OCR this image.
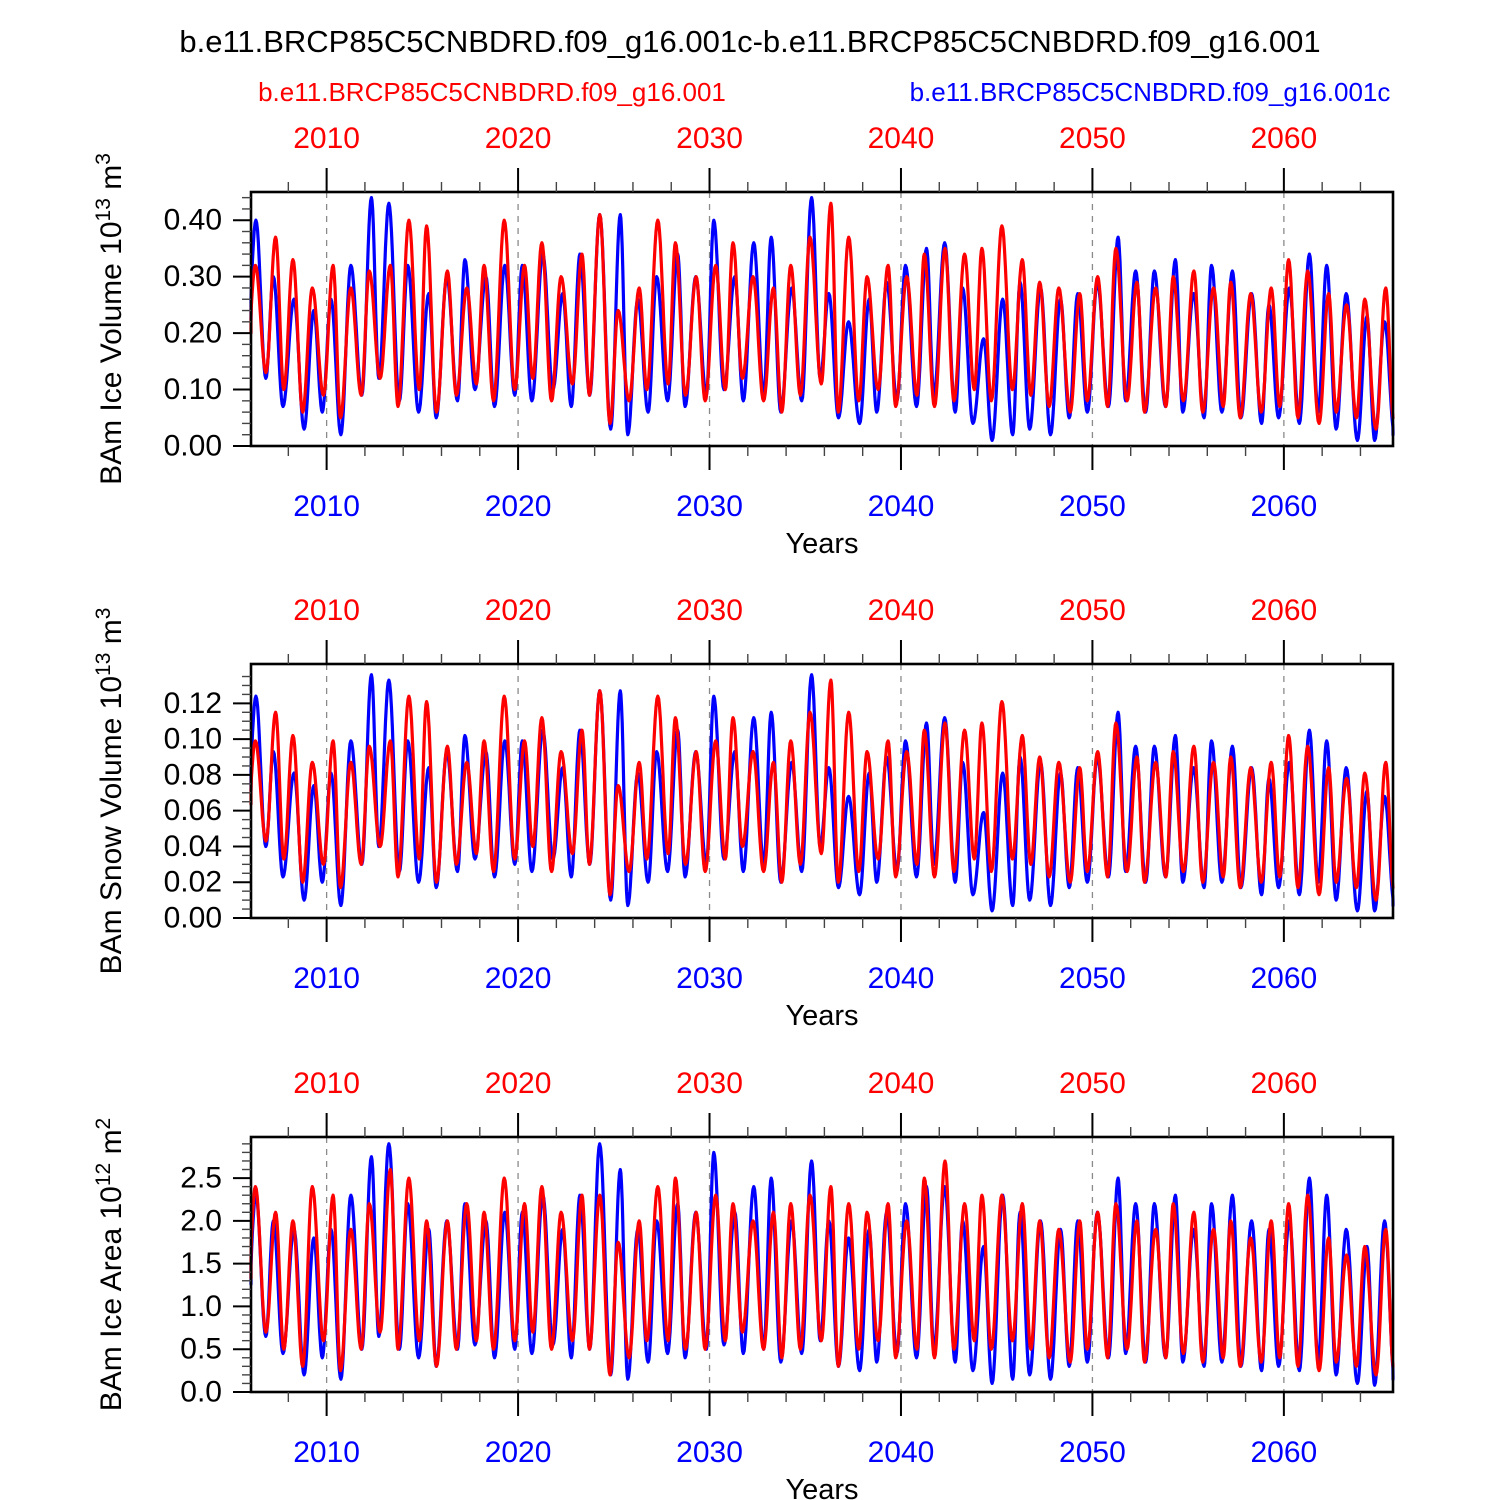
b.e11.BRCP85C5CNBDRD.f09_g16.001c-b.e11.BRCP85C5CNBDRD.f09_g16.001
b.e11.BRCP85C5CNBDRD.f09_g16.001	b.e11.BRCP85C5CNBDRD.f09_g16.001c
2010
2010
2020
2020
2030
2030
2040
2040
2050
2050
2060
2060
Years
0.00
0.10
0.20
0.30
0.40
BAm Ice Volume $10^{13}$ $m^3$
2010
2010
2020
2020
2030
2030
2040
2040
2050
2050
2060
2060
Years
0.00
0.02
0.04
0.06
0.08
0.10
0.12
BAm Snow Volume $10^{13}$ $m^3$
2010
2010
2020
2020
2030
2030
2040
2040
2050
2050
2060
2060
Years
0.0
0.5
1.0
1.5
2.0
2.5
BAm Ice Area $10^{12}$ $m^2$
